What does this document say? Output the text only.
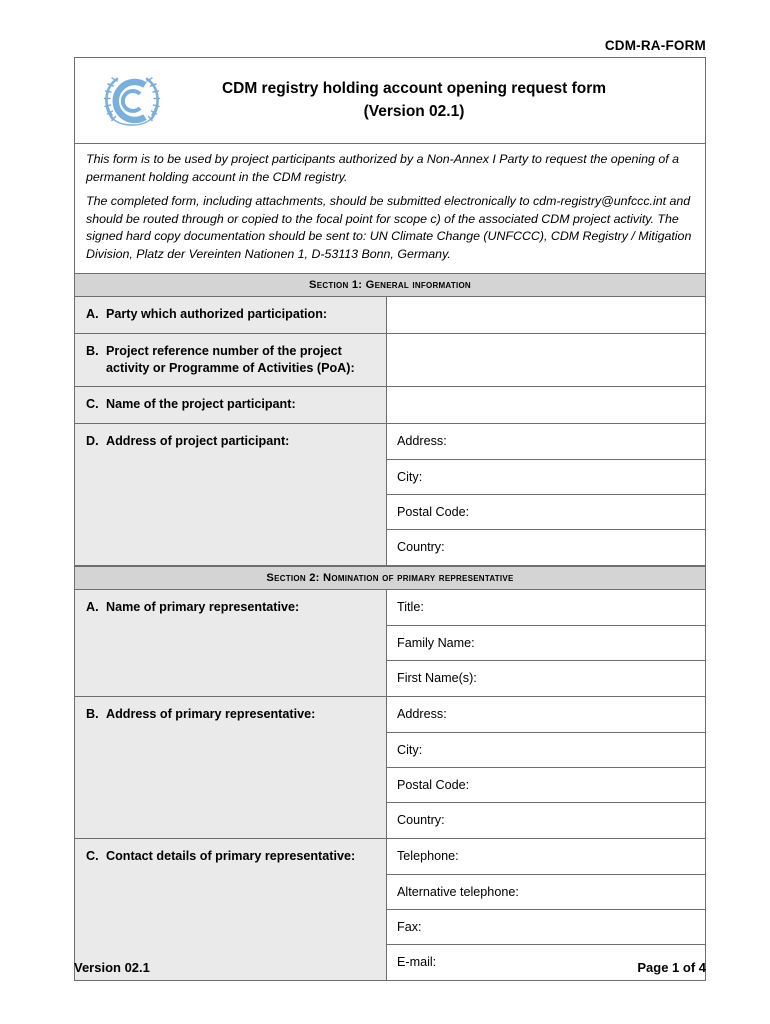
CDM-RA-FORM
CDM registry holding account opening request form
(Version 02.1)

This form is to be used by project participants authorized by a Non-Annex I Party to request the opening of a permanent holding account in the CDM registry.

The completed form, including attachments, should be submitted electronically to cdm-registry@unfccc.int and should be routed through or copied to the focal point for scope c) of the associated CDM project activity. The signed hard copy documentation should be sent to: UN Climate Change (UNFCCC), CDM Registry / Mitigation Division, Platz der Vereinten Nationen 1, D-53113 Bonn, Germany.

Section 1: General information
A. Party which authorized participation:
B. Project reference number of the project activity or Programme of Activities (PoA):
C. Name of the project participant:
D. Address of project participant:	Address:
City:
Postal Code:
Country:
Section 2: Nomination of primary representative
A. Name of primary representative:	Title:
Family Name:
First Name(s):
B. Address of primary representative:	Address:
City:
Postal Code:
Country:
C. Contact details of primary representative:	Telephone:
Alternative telephone:
Fax:
E-mail:
Version 02.1	Page 1 of 4
